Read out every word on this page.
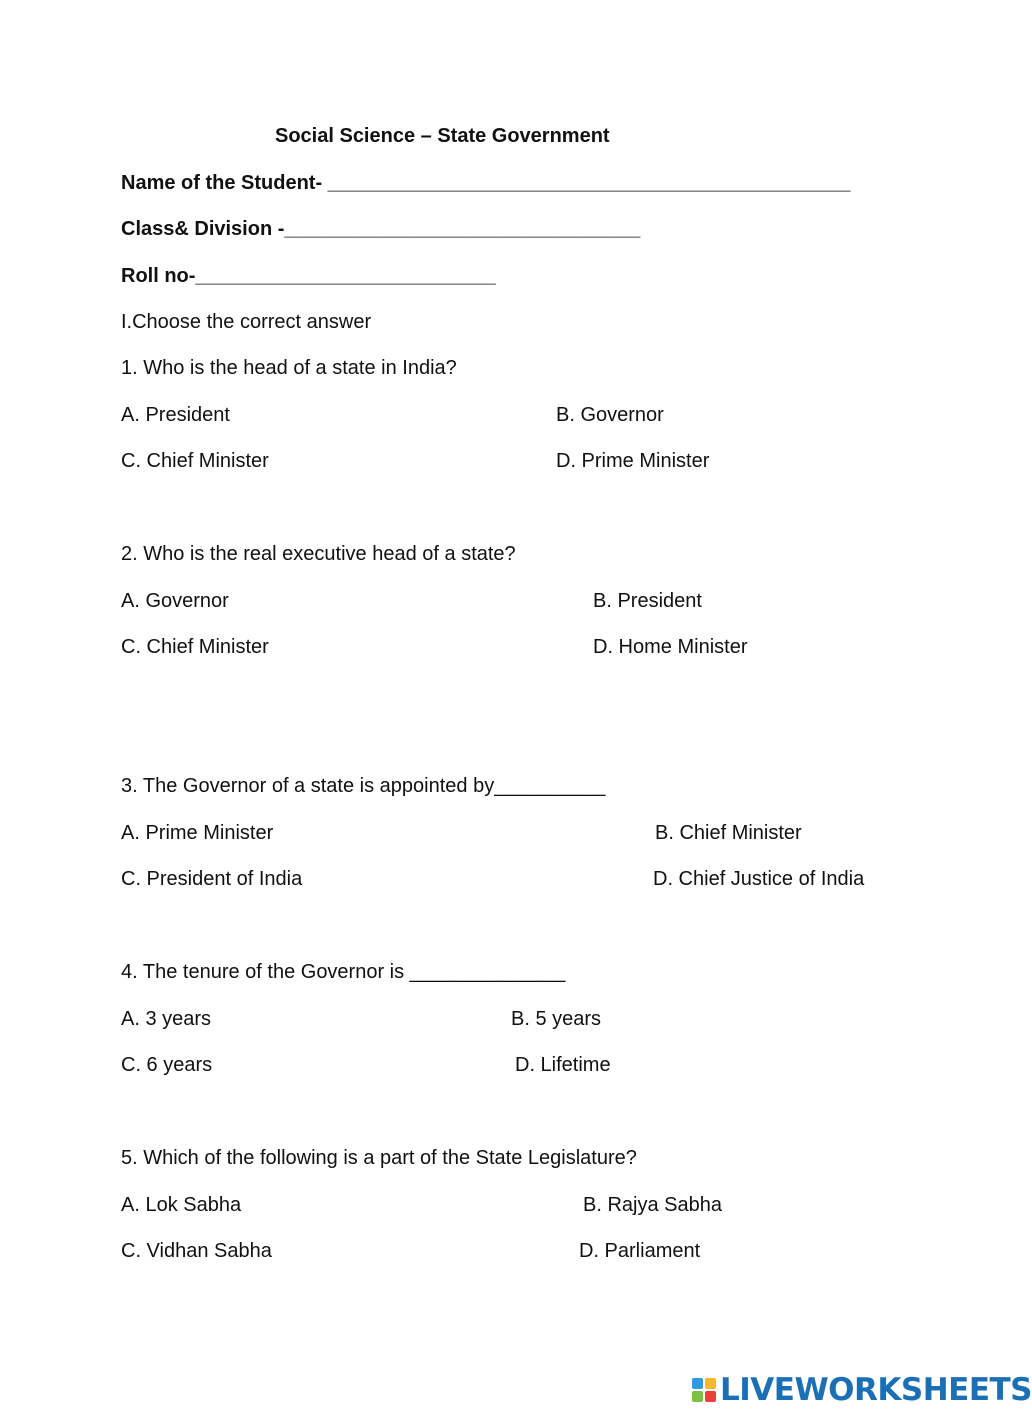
Social Science – State Government
Name of the Student- _______________________________________________
Class& Division -________________________________
Roll no-___________________________
I.Choose the correct answer
1. Who is the head of a state in India?
A. President	B. Governor
C. Chief Minister	D. Prime Minister
2. Who is the real executive head of a state?
A. Governor	B. President
C. Chief Minister	D. Home Minister
3. The Governor of a state is appointed by__________
A. Prime Minister	B. Chief Minister
C. President of India	D. Chief Justice of India
4. The tenure of the Governor is ______________
A. 3 years	B. 5 years
C. 6 years	D. Lifetime
5. Which of the following is a part of the State Legislature?
A. Lok Sabha	B. Rajya Sabha
C. Vidhan Sabha	D. Parliament
LIVEWORKSHEETS
